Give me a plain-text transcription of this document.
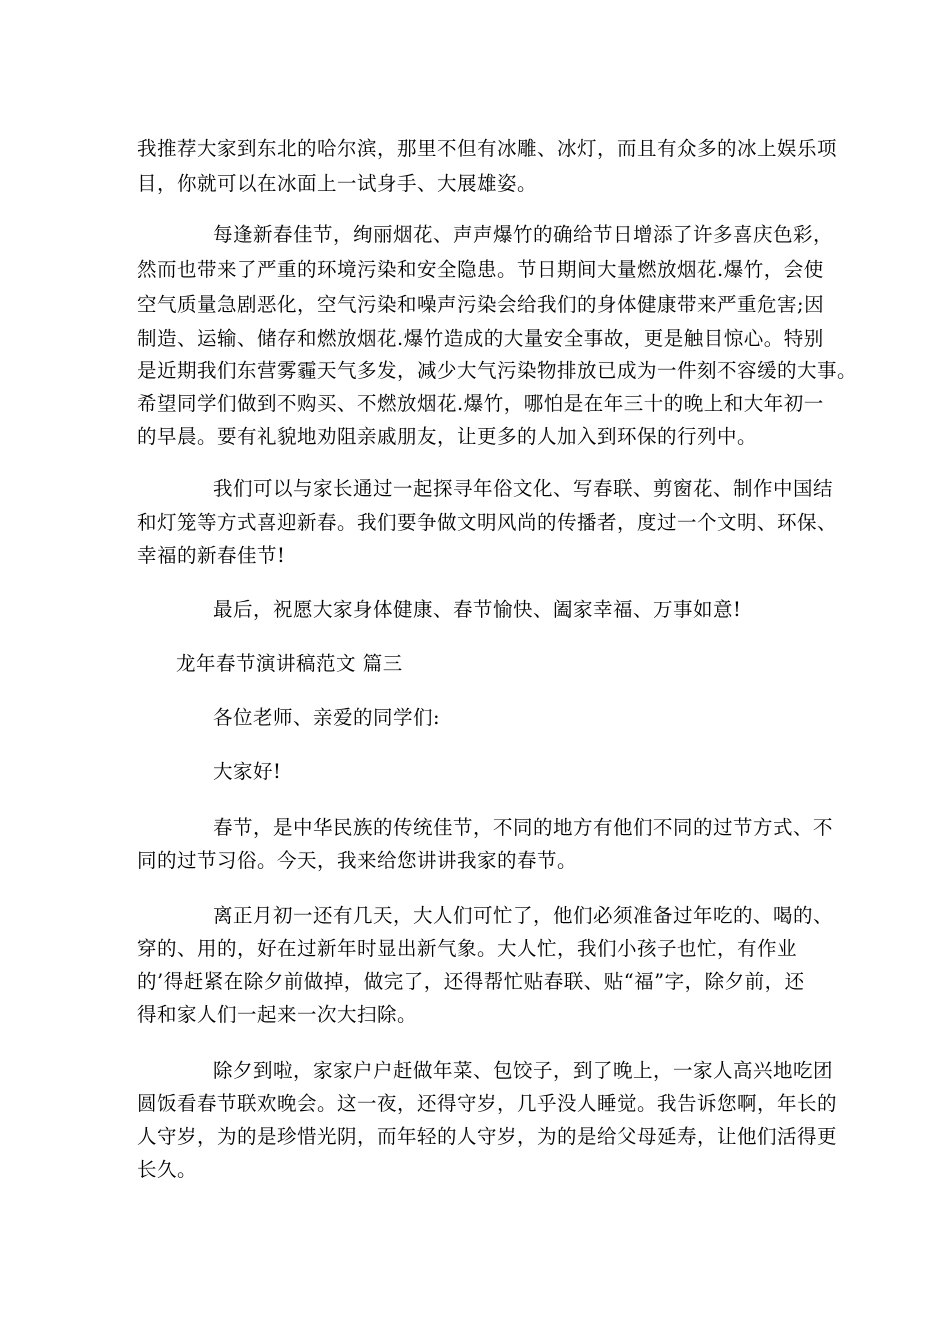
我推荐大家到东北的哈尔滨，那里不但有冰雕、冰灯，而且有众多的冰上娱乐项
目，你就可以在冰面上一试身手、大展雄姿。
每逢新春佳节，绚丽烟花、声声爆竹的确给节日增添了许多喜庆色彩，
然而也带来了严重的环境污染和安全隐患。节日期间大量燃放烟花.爆竹，会使
空气质量急剧恶化，空气污染和噪声污染会给我们的身体健康带来严重危害;因
制造、运输、储存和燃放烟花.爆竹造成的大量安全事故，更是触目惊心。特别
是近期我们东营雾霾天气多发，减少大气污染物排放已成为一件刻不容缓的大事。
希望同学们做到不购买、不燃放烟花.爆竹，哪怕是在年三十的晚上和大年初一
的早晨。要有礼貌地劝阻亲戚朋友，让更多的人加入到环保的行列中。
我们可以与家长通过一起探寻年俗文化、写春联、剪窗花、制作中国结
和灯笼等方式喜迎新春。我们要争做文明风尚的传播者，度过一个文明、环保、
幸福的新春佳节!
最后，祝愿大家身体健康、春节愉快、阖家幸福、万事如意!
龙年春节演讲稿范文 篇三
各位老师、亲爱的同学们:
大家好!
春节，是中华民族的传统佳节，不同的地方有他们不同的过节方式、不
同的过节习俗。今天，我来给您讲讲我家的春节。
离正月初一还有几天，大人们可忙了，他们必须准备过年吃的、喝的、
穿的、用的，好在过新年时显出新气象。大人忙，我们小孩子也忙，有作业
的’得赶紧在除夕前做掉，做完了，还得帮忙贴春联、贴“福”字，除夕前，还
得和家人们一起来一次大扫除。
除夕到啦，家家户户赶做年菜、包饺子，到了晚上，一家人高兴地吃团
圆饭看春节联欢晚会。这一夜，还得守岁，几乎没人睡觉。我告诉您啊，年长的
人守岁，为的是珍惜光阴，而年轻的人守岁，为的是给父母延寿，让他们活得更
长久。
